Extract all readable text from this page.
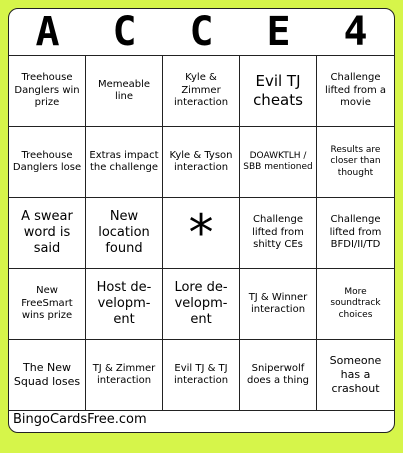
A C C E 4
Treehouse Danglers win prize
Memeable line
Kyle & Zimmer interaction
Evil TJ cheats
Challenge lifted from a movie
Treehouse Danglers lose
Extras impact the challenge
Kyle & Tyson interaction
DOAWKTLH / SBB mentioned
Results are closer than thought
A swear word is said
New location found *	Challenge lifted from shitty CEs
Challenge lifted from BFDI/II/TD
New FreeSmart wins prize
Host de-velopm-ent
Lore de-velopm-ent
TJ & Winner interaction
More soundtrack choices
The New Squad loses
TJ & Zimmer interaction
Evil TJ & TJ interaction
Sniperwolf does a thing
Someone has a crashout
BingoCardsFree.com
